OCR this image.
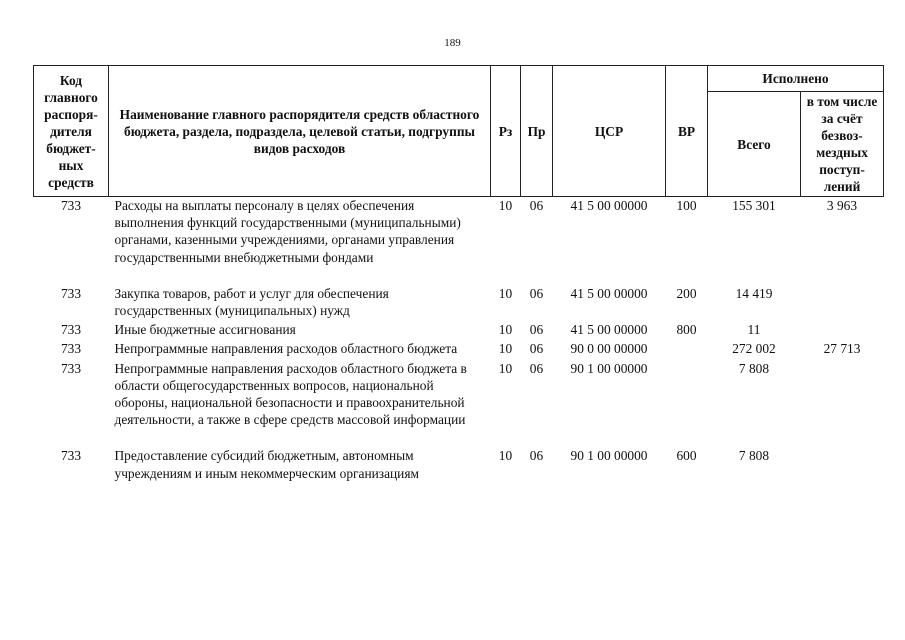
189
Код главного распоря-дителя бюджет-ных средств	Наименование главного распорядителя средств областного бюджета, раздела, подраздела, целевой статьи, подгруппы видов расходов	Рз	Пр	ЦСР	ВР	Исполнено	
						Всего	в том числе за счёт безвоз-мездных поступ-лений
733	Расходы на выплаты персоналу в целях обеспечения выполнения функций государственными (муниципальными) органами, казенными учреждениями, органами управления государственными внебюджетными фондами	10	06	41 5 00 00000	100	155 301	3 963
733	Закупка товаров, работ и услуг для обеспечения государственных (муниципальных) нужд	10	06	41 5 00 00000	200	14 419	
733	Иные бюджетные ассигнования	10	06	41 5 00 00000	800	11	
733	Непрограммные направления расходов областного бюджета	10	06	90 0 00 00000		272 002	27 713
733	Непрограммные направления расходов областного бюджета в области общегосударственных вопросов, национальной обороны, национальной безопасности и правоохранительной деятельности, а также в сфере средств массовой информации	10	06	90 1 00 00000		7 808	
733	Предоставление субсидий бюджетным, автономным учреждениям и иным некоммерческим организациям	10	06	90 1 00 00000	600	7 808	
